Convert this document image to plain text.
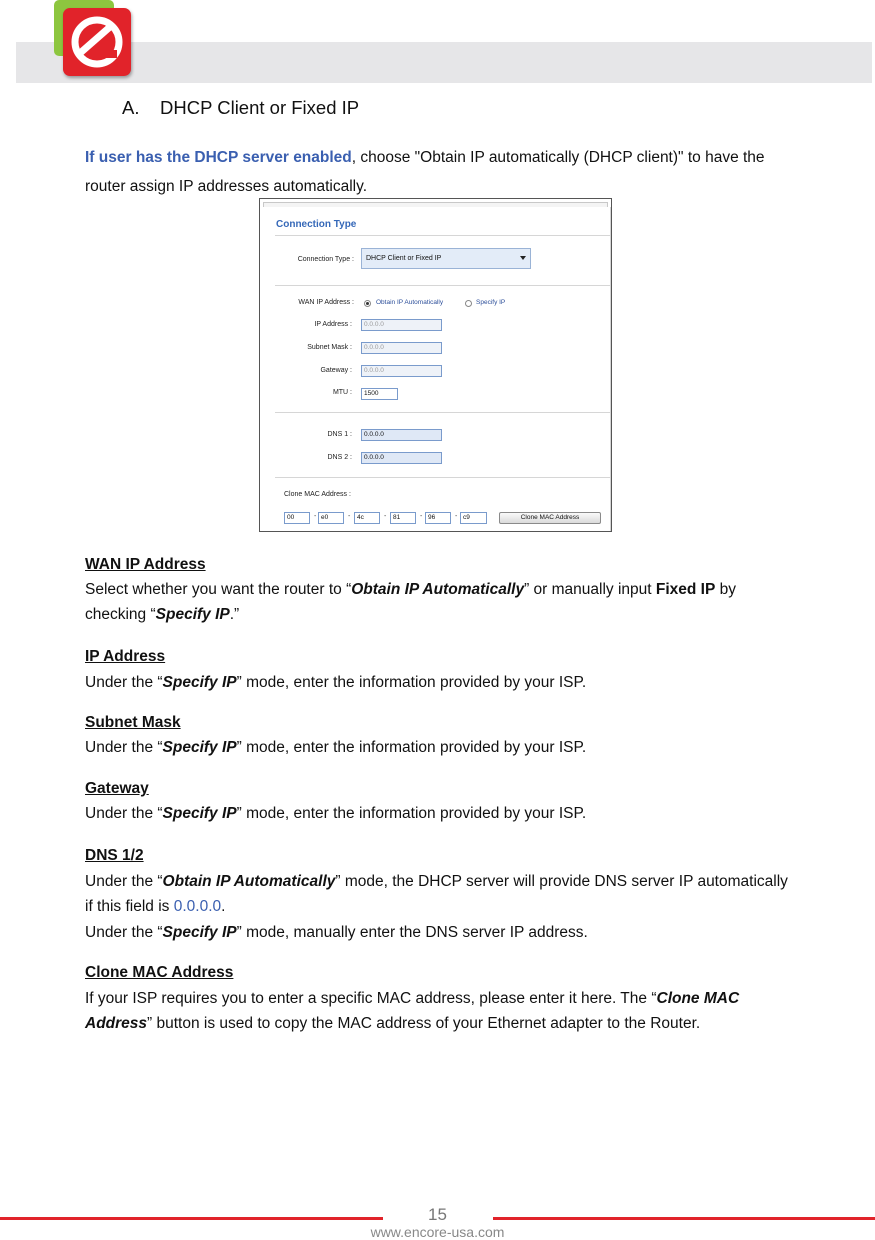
A. DHCP Client or Fixed IP
If user has the DHCP server enabled, choose "Obtain IP automatically (DHCP client)" to have the router assign IP addresses automatically.
Connection Type
Connection Type :	DHCP Client or Fixed IP
WAN IP Address :	Obtain IP Automatically	Specify IP
IP Address :	0.0.0.0
Subnet Mask :	0.0.0.0
Gateway :	0.0.0.0
MTU :	1500
DNS 1 :	0.0.0.0
DNS 2 :	0.0.0.0
Clone MAC Address :
00	- e0	-	4c	-	81	- 96	- c9	Clone MAC Address
WAN IP Address
Select whether you want the router to “Obtain IP Automatically” or manually input Fixed IP by checking “Specify IP.”
IP Address
Under the “Specify IP” mode, enter the information provided by your ISP.
Subnet Mask
Under the “Specify IP” mode, enter the information provided by your ISP.
Gateway
Under the “Specify IP” mode, enter the information provided by your ISP.
DNS 1/2
Under the “Obtain IP Automatically” mode, the DHCP server will provide DNS server IP automatically if this field is 0.0.0.0.
Under the “Specify IP” mode, manually enter the DNS server IP address.
Clone MAC Address
If your ISP requires you to enter a specific MAC address, please enter it here. The “Clone MAC Address” button is used to copy the MAC address of your Ethernet adapter to the Router.
15
www.encore-usa.com
